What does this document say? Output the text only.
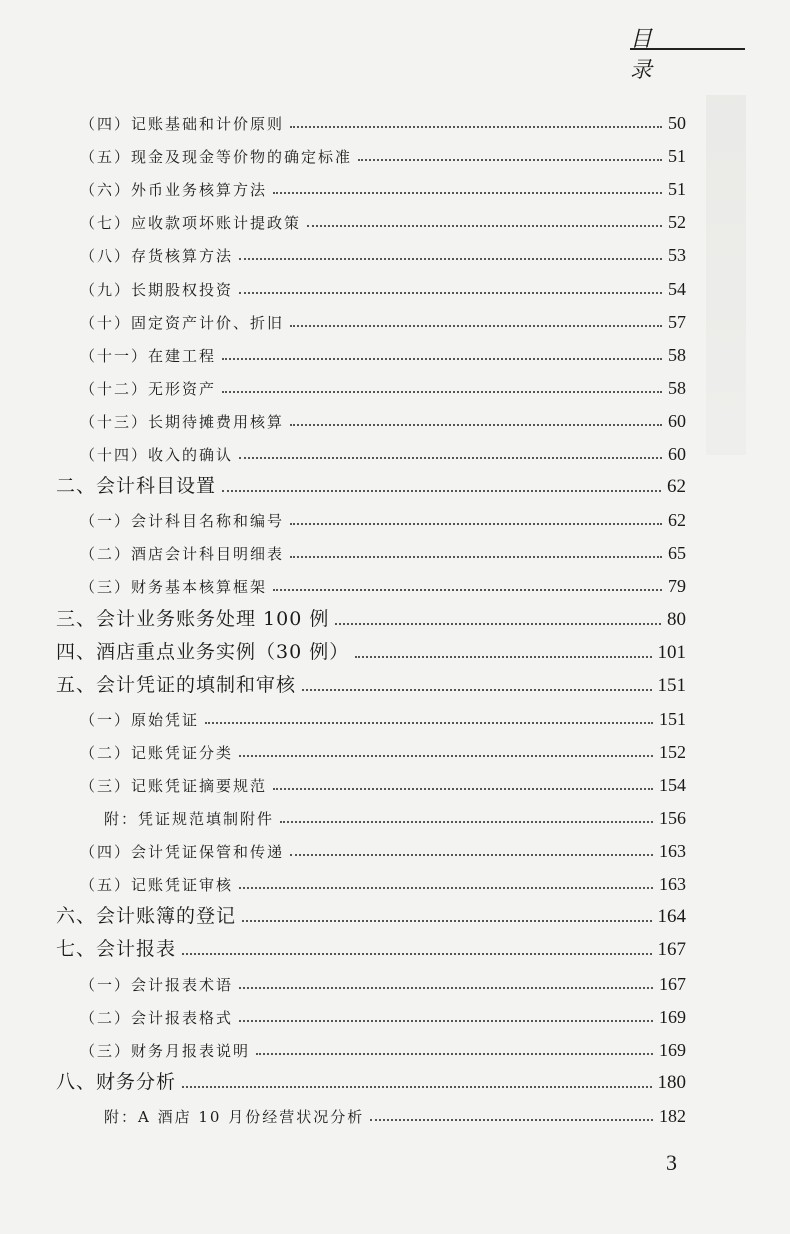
目 录
（四）记账基础和计价原则	50
（五）现金及现金等价物的确定标准	51
（六）外币业务核算方法	51
（七）应收款项坏账计提政策	52
（八）存货核算方法	53
（九）长期股权投资	54
（十）固定资产计价、折旧	57
（十一）在建工程	58
（十二）无形资产	58
（十三）长期待摊费用核算	60
（十四）收入的确认	60
二、会计科目设置	62
（一）会计科目名称和编号	62
（二）酒店会计科目明细表	65
（三）财务基本核算框架	79
三、会计业务账务处理 100 例	80
四、酒店重点业务实例（30 例）	101
五、会计凭证的填制和审核	151
（一）原始凭证	151
（二）记账凭证分类	152
（三）记账凭证摘要规范	154
附：凭证规范填制附件	156
（四）会计凭证保管和传递	163
（五）记账凭证审核	163
六、会计账簿的登记	164
七、会计报表	167
（一）会计报表术语	167
（二）会计报表格式	169
（三）财务月报表说明	169
八、财务分析	180
附：A 酒店 10 月份经营状况分析	182
3
